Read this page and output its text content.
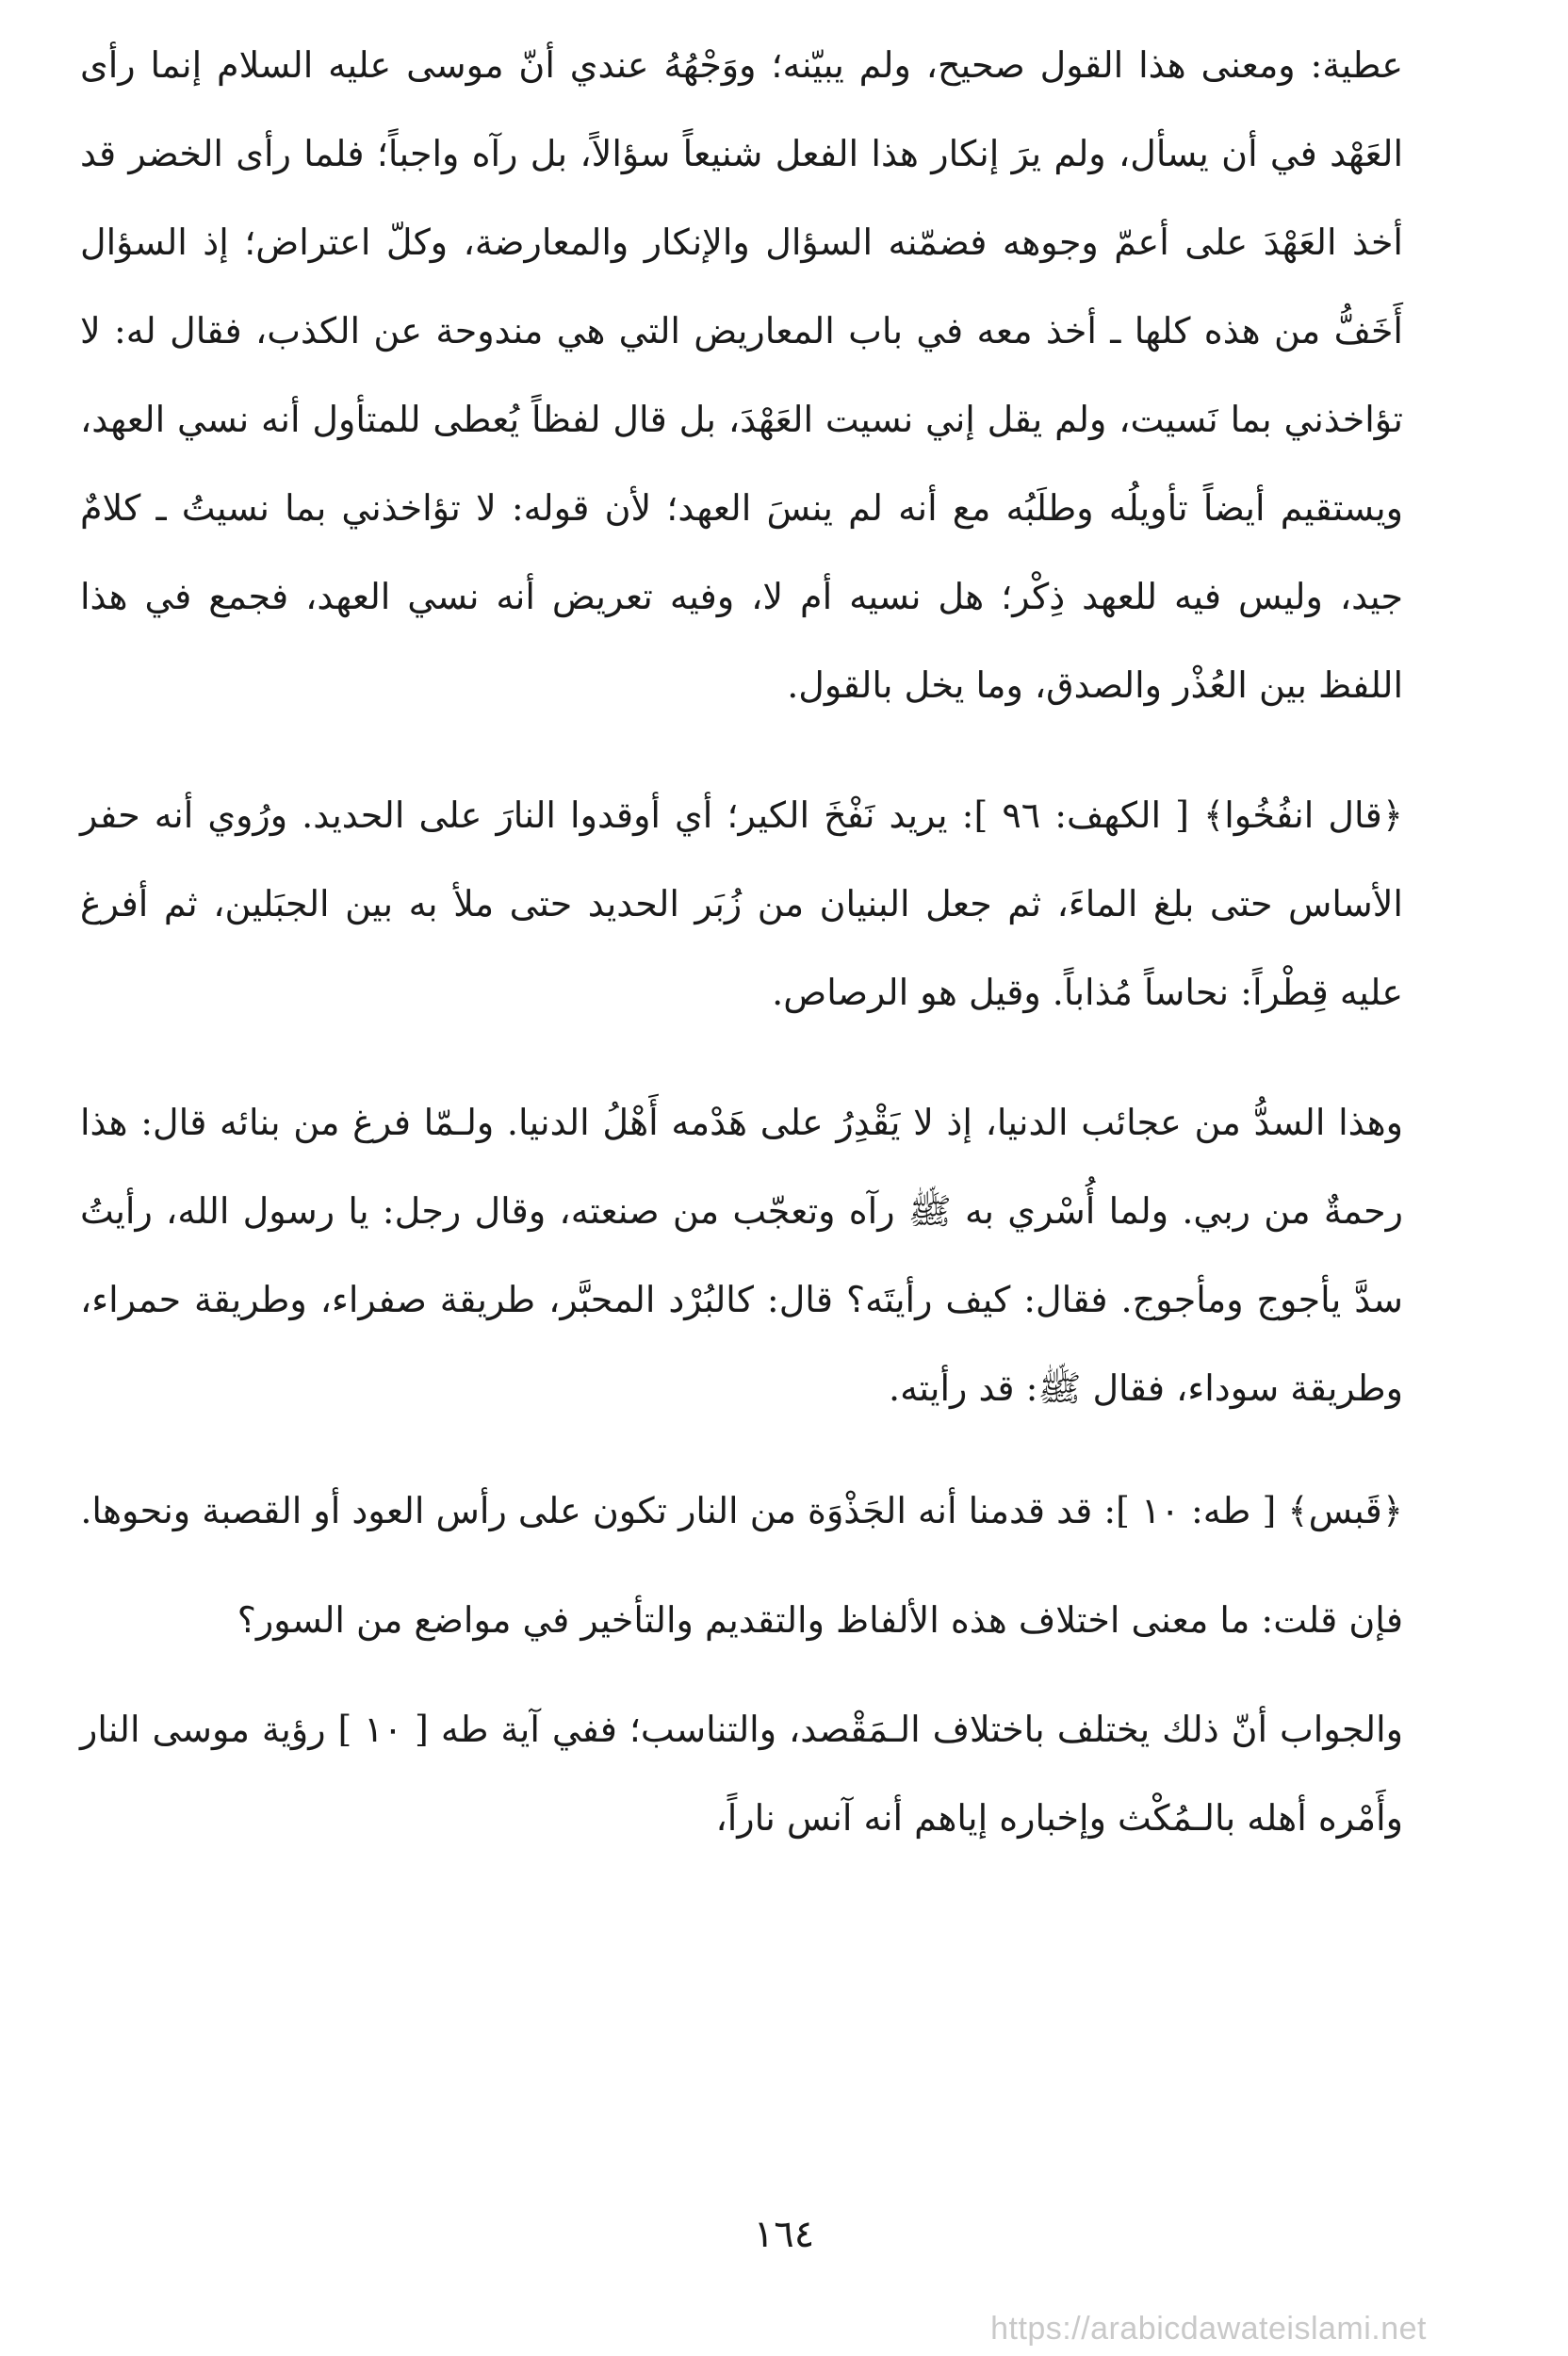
عطية: ومعنى هذا القول صحيح، ولم يبيّنه؛ ووَجْهُهُ عندي أنّ موسى عليه السلام إنما رأى العَهْد في أن يسأل، ولم يرَ إنكار هذا الفعل شنيعاً سؤالاً، بل رآه واجباً؛ فلما رأى الخضر قد أخذ العَهْدَ على أعمّ وجوهه فضمّنه السؤال والإنكار والمعارضة، وكلّ اعتراض؛ إذ السؤال أَخَفُّ من هذه كلها ـ أخذ معه في باب المعاريض التي هي مندوحة عن الكذب، فقال له: لا تؤاخذني بما نَسيت، ولم يقل إني نسيت العَهْدَ، بل قال لفظاً يُعطى للمتأول أنه نسي العهد، ويستقيم أيضاً تأويلُه وطلَبُه مع أنه لم ينسَ العهد؛ لأن قوله: لا تؤاخذني بما نسيتُ ـ كلامٌ جيد، وليس فيه للعهد ذِكْر؛ هل نسيه أم لا، وفيه تعريض أنه نسي العهد، فجمع في هذا اللفظ بين العُذْر والصدق، وما يخل بالقول.

﴿قال انفُخُوا﴾ [ الكهف: ٩٦ ]: يريد نَفْخَ الكير؛ أي أوقدوا النارَ على الحديد. ورُوي أنه حفر الأساس حتى بلغ الماءَ، ثم جعل البنيان من زُبَر الحديد حتى ملأ به بين الجبَلين، ثم أفرغ عليه قِطْراً: نحاساً مُذاباً. وقيل هو الرصاص.

وهذا السدُّ من عجائب الدنيا، إذ لا يَقْدِرُ على هَدْمه أَهْلُ الدنيا. ولـمّا فرغ من بنائه قال: هذا رحمةٌ من ربي. ولما أُسْري به ﷺ رآه وتعجّب من صنعته، وقال رجل: يا رسول الله، رأيتُ سدَّ يأجوج ومأجوج. فقال: كيف رأيتَه؟ قال: كالبُرْد المحبَّر، طريقة صفراء، وطريقة حمراء، وطريقة سوداء، فقال ﷺ: قد رأيته.

﴿قَبس﴾ [ طه: ١٠ ]: قد قدمنا أنه الجَذْوَة من النار تكون على رأس العود أو القصبة ونحوها.

فإن قلت: ما معنى اختلاف هذه الألفاظ والتقديم والتأخير في مواضع من السور؟

والجواب أنّ ذلك يختلف باختلاف الـمَقْصد، والتناسب؛ ففي آية طه [ ١٠ ] رؤية موسى النار وأَمْره أهله بالـمُكْث وإخباره إياهم أنه آنس ناراً،

١٦٤
https://arabicdawateislami.net
